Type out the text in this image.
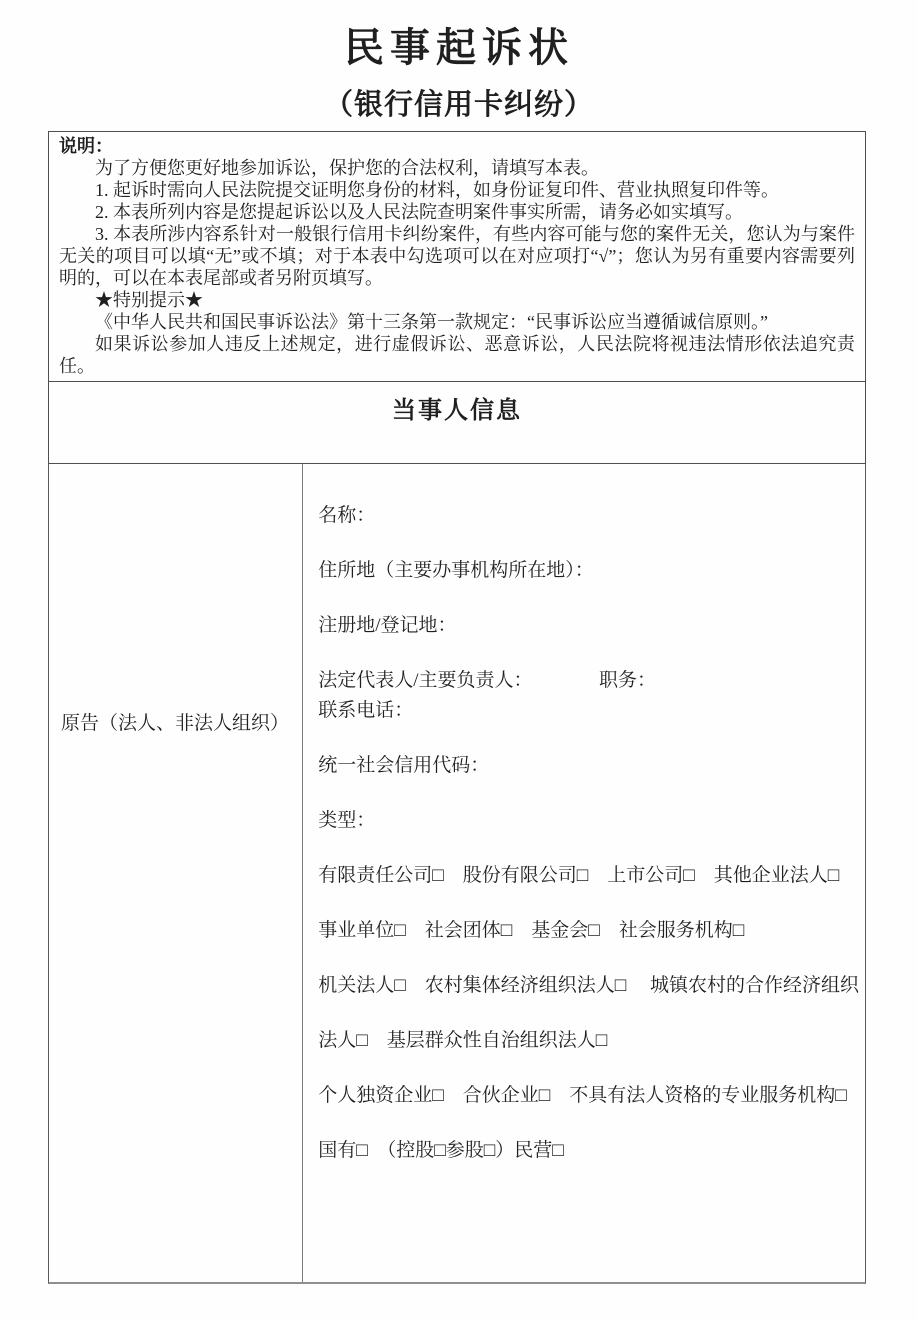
民事起诉状
（银行信用卡纠纷）
说明：

为了方便您更好地参加诉讼，保护您的合法权利，请填写本表。

1. 起诉时需向人民法院提交证明您身份的材料，如身份证复印件、营业执照复印件等。

2. 本表所列内容是您提起诉讼以及人民法院查明案件事实所需，请务必如实填写。

3. 本表所涉内容系针对一般银行信用卡纠纷案件，有些内容可能与您的案件无关，您认为与案件无关的项目可以填“无”或不填；对于本表中勾选项可以在对应项打“√”；您认为另有重要内容需要列明的，可以在本表尾部或者另附页填写。

★特别提示★

《中华人民共和国民事诉讼法》第十三条第一款规定：“民事诉讼应当遵循诚信原则。”

如果诉讼参加人违反上述规定，进行虚假诉讼、恶意诉讼，人民法院将视违法情形依法追究责任。

当事人信息
原告（法人、非法人组织）
名称：
住所地（主要办事机构所在地）：
注册地/登记地：
法定代表人/主要负责人：　　　　职务：
联系电话：
统一社会信用代码：
类型：
有限责任公司□　股份有限公司□　上市公司□　其他企业法人□
事业单位□　社会团体□　基金会□　社会服务机构□
机关法人□　农村集体经济组织法人□　 城镇农村的合作经济组织
法人□　基层群众性自治组织法人□
个人独资企业□　合伙企业□　不具有法人资格的专业服务机构□
国有□　（控股□参股□）民营□
